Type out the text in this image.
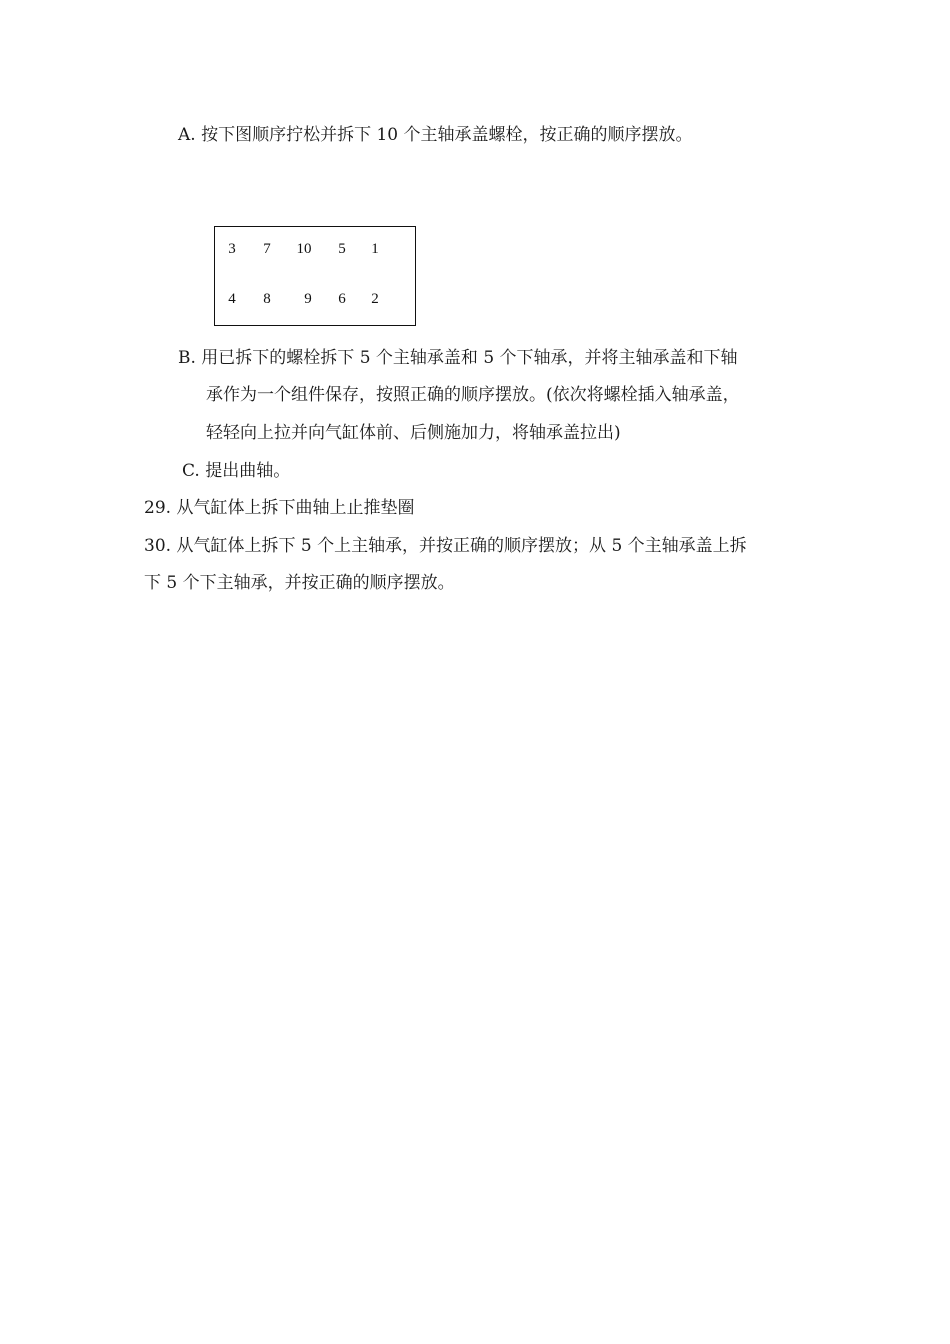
A. 按下图顺序拧松并拆下 10 个主轴承盖螺栓，按正确的顺序摆放。
3 7 10 5 1
4 8 9 6 2
B. 用已拆下的螺栓拆下 5 个主轴承盖和 5 个下轴承，并将主轴承盖和下轴
承作为一个组件保存，按照正确的顺序摆放。(依次将螺栓插入轴承盖，
轻轻向上拉并向气缸体前、后侧施加力，将轴承盖拉出)
C. 提出曲轴。
29. 从气缸体上拆下曲轴上止推垫圈
30. 从气缸体上拆下 5 个上主轴承，并按正确的顺序摆放；从 5 个主轴承盖上拆
下 5 个下主轴承，并按正确的顺序摆放。
